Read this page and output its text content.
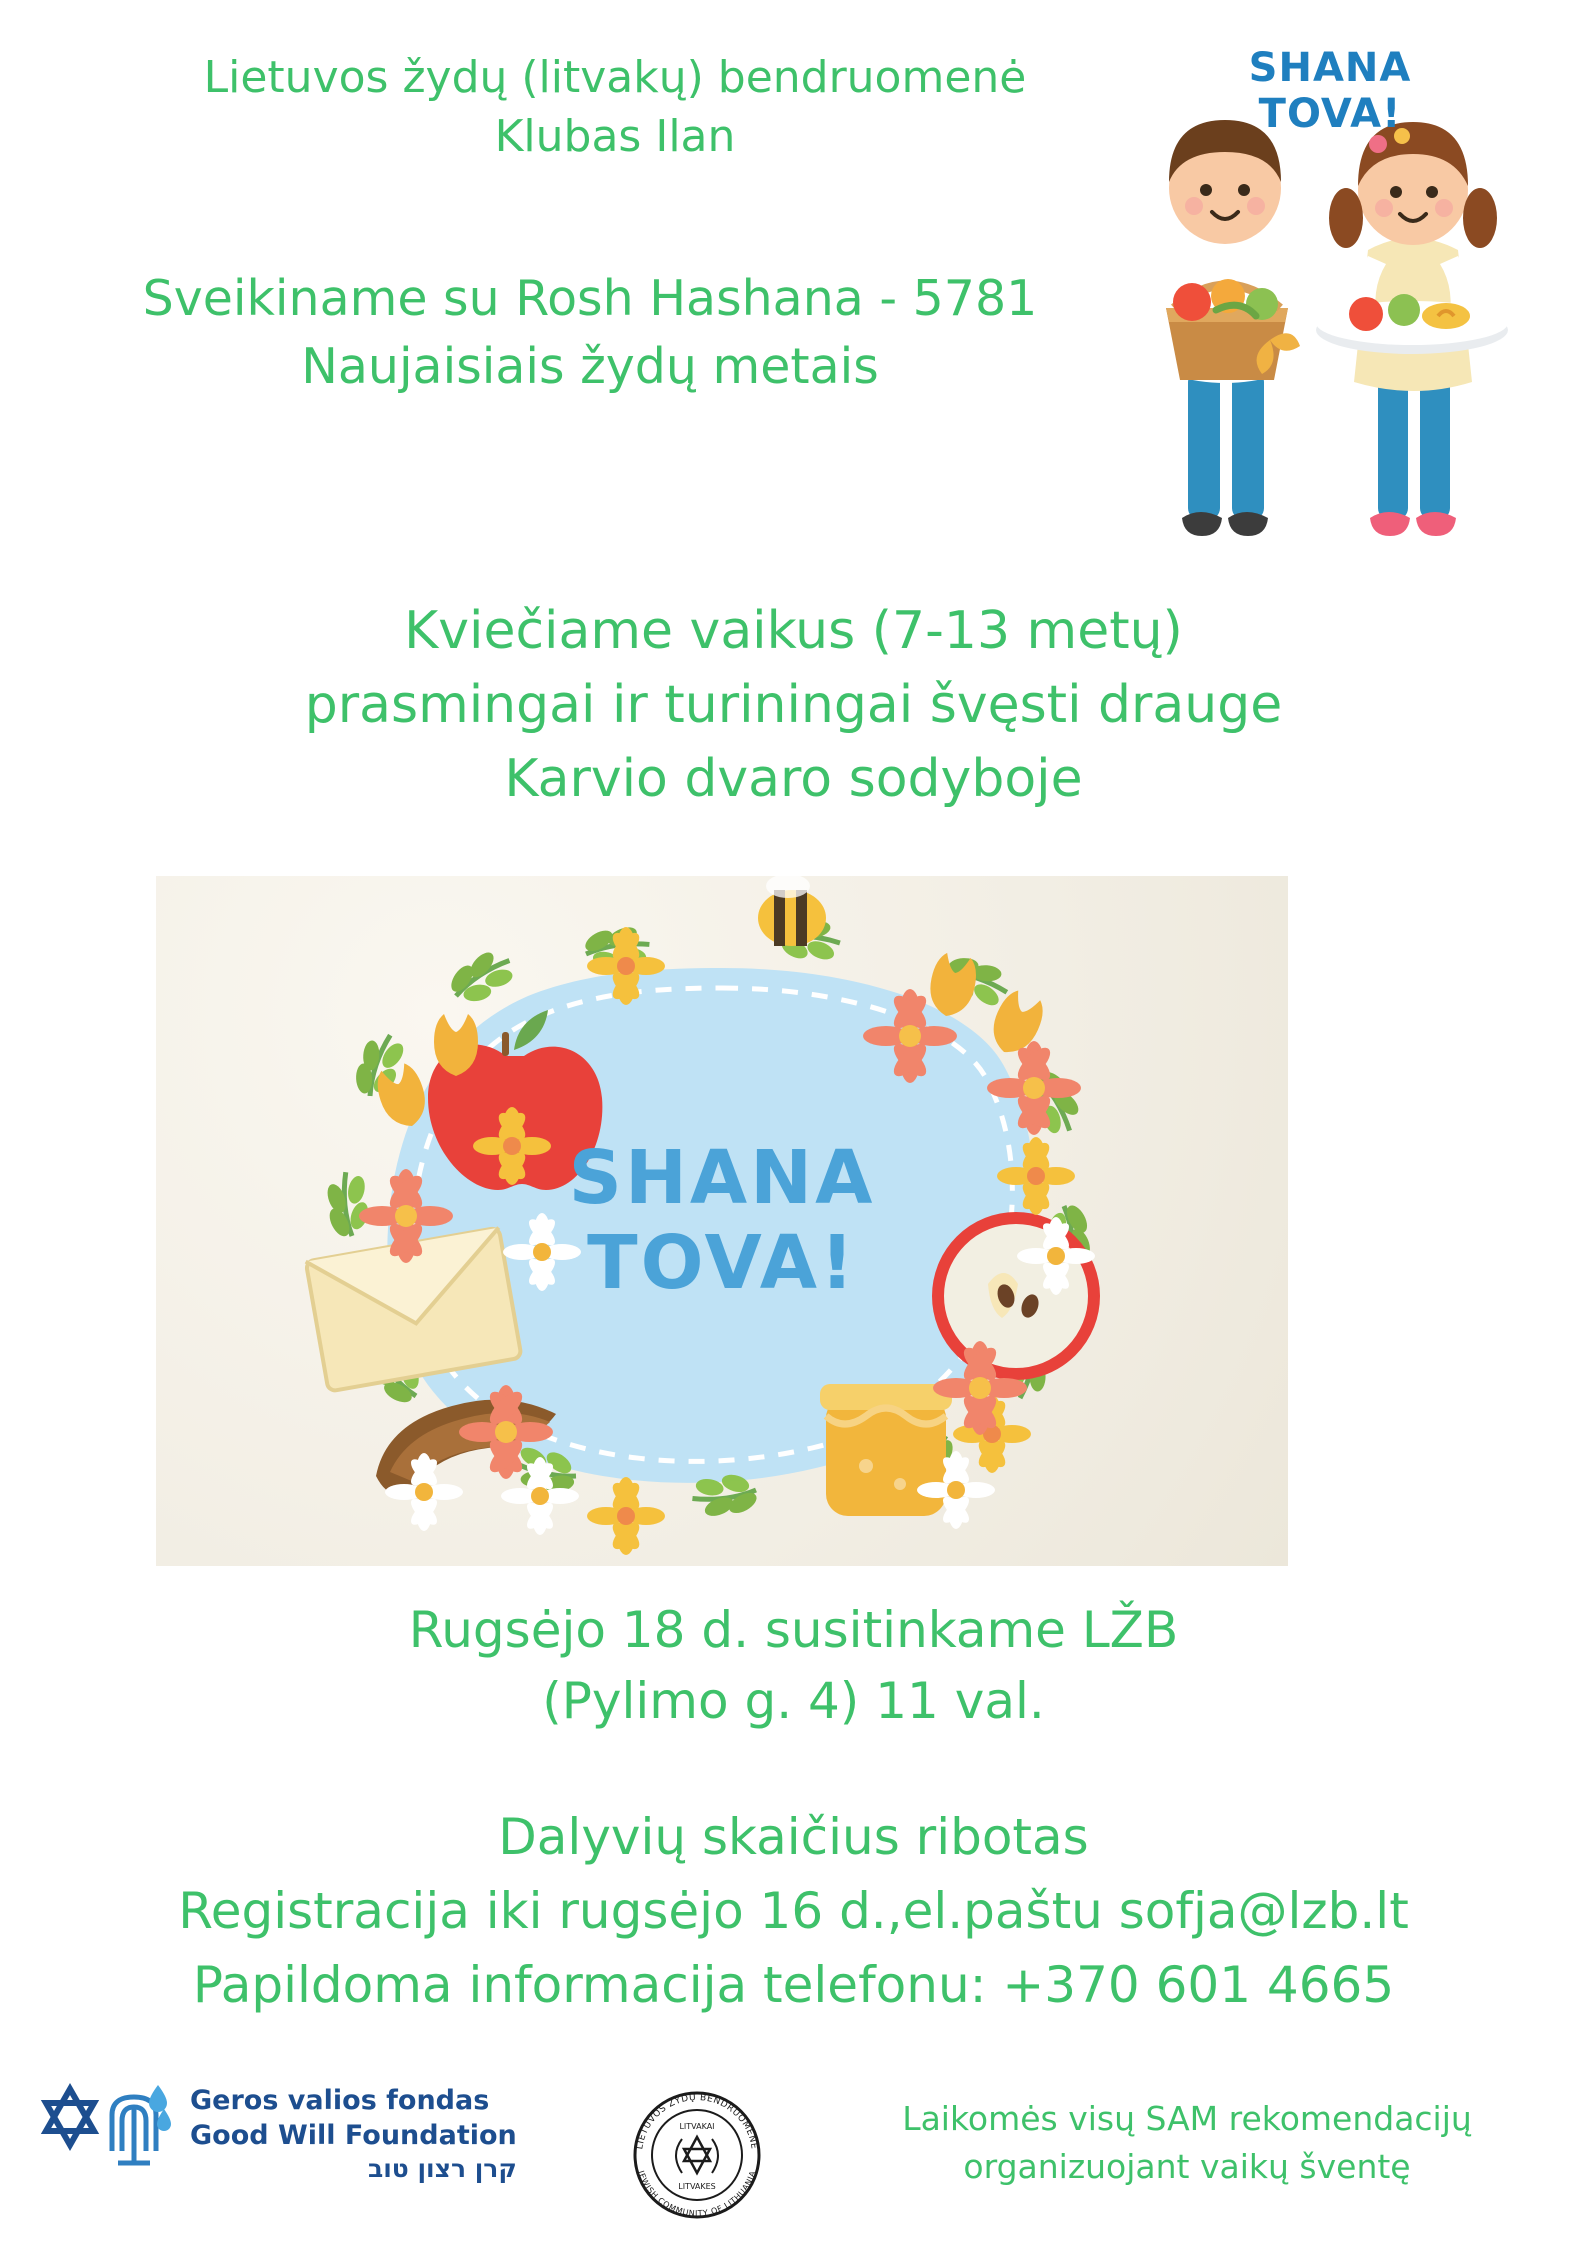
Lietuvos žydų (litvakų) bendruomenė
Klubas Ilan
Sveikiname su Rosh Hashana - 5781
Naujaisiais žydų metais
SHANA
TOVA!
Kviečiame vaikus (7-13 metų)
prasmingai ir turiningai švęsti drauge
Karvio dvaro sodyboje
SHANA
TOVA!
Rugsėjo 18 d. susitinkame LŽB
(Pylimo g. 4) 11 val.
Dalyvių skaičius ribotas
Registracija iki rugsėjo 16 d.,el.paštu sofja@lzb.lt
Papildoma informacija telefonu: +370 601 4665
Geros valios fondas
Good Will Foundation
קרן רצון טוב
LIETUVOS ŽYDŲ BENDRUOMENĖ
JEWISH COMMUNITY OF LITHUANIA
LITVAKAI
LITVAKES
Laikomės visų SAM rekomendacijų
organizuojant vaikų šventę
